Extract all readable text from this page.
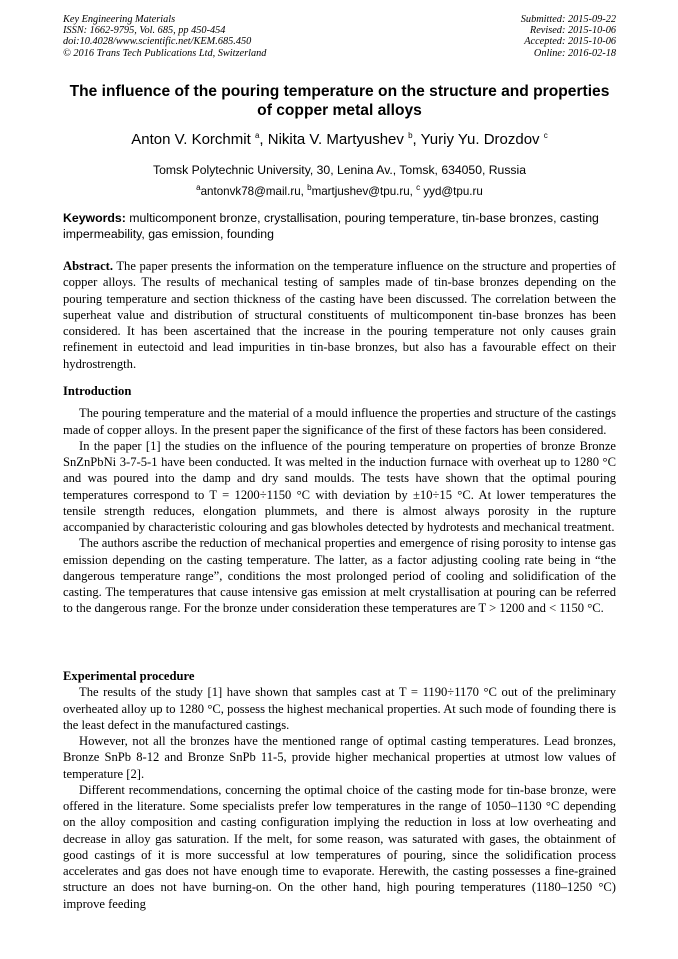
Key Engineering Materials
ISSN: 1662-9795, Vol. 685, pp 450-454
doi:10.4028/www.scientific.net/KEM.685.450
© 2016 Trans Tech Publications Ltd, Switzerland
Submitted: 2015-09-22
Revised: 2015-10-06
Accepted: 2015-10-06
Online: 2016-02-18
The influence of the pouring temperature on the structure and properties of copper metal alloys
Anton V. Korchmit $^a$, Nikita V. Martyushev $^b$, Yuriy Yu. Drozdov $^c$
Tomsk Polytechnic University, 30, Lenina Av., Tomsk, 634050, Russia
$^a$antonvk78@mail.ru, $^b$martjushev@tpu.ru, $^c$ yyd@tpu.ru
Keywords: multicomponent bronze, crystallisation, pouring temperature, tin-base bronzes, casting impermeability, gas emission, founding

Abstract. The paper presents the information on the temperature influence on the structure and properties of copper alloys. The results of mechanical testing of samples made of tin-base bronzes depending on the pouring temperature and section thickness of the casting have been discussed. The correlation between the superheat value and distribution of structural constituents of multicomponent tin-base bronzes has been considered. It has been ascertained that the increase in the pouring temperature not only causes grain refinement in eutectoid and lead impurities in tin-base bronzes, but also has a favourable effect on their hydrostrength.

Introduction

The pouring temperature and the material of a mould influence the properties and structure of the castings made of copper alloys. In the present paper the significance of the first of these factors has been considered.

In the paper [1] the studies on the influence of the pouring temperature on properties of bronze Bronze SnZnPbNi 3-7-5-1 have been conducted. It was melted in the induction furnace with overheat up to 1280 °C and was poured into the damp and dry sand moulds. The tests have shown that the optimal pouring temperatures correspond to T = 1200÷1150 °C with deviation by ±10÷15 °C. At lower temperatures the tensile strength reduces, elongation plummets, and there is almost always porosity in the rupture accompanied by characteristic colouring and gas blowholes detected by hydrotests and mechanical treatment.

The authors ascribe the reduction of mechanical properties and emergence of rising porosity to intense gas emission depending on the casting temperature. The latter, as a factor adjusting cooling rate being in “the dangerous temperature range”, conditions the most prolonged period of cooling and solidification of the casting. The temperatures that cause intensive gas emission at melt crystallisation at pouring can be referred to the dangerous range. For the bronze under consideration these temperatures are T > 1200 and < 1150 °C.

Experimental procedure

The results of the study [1] have shown that samples cast at T = 1190÷1170 °C out of the preliminary overheated alloy up to 1280 °C, possess the highest mechanical properties. At such mode of founding there is the least defect in the manufactured castings.

However, not all the bronzes have the mentioned range of optimal casting temperatures. Lead bronzes, Bronze SnPb 8-12 and Bronze SnPb 11-5, provide higher mechanical properties at utmost low values of temperature [2].

Different recommendations, concerning the optimal choice of the casting mode for tin-base bronze, were offered in the literature. Some specialists prefer low temperatures in the range of 1050–1130 °C depending on the alloy composition and casting configuration implying the reduction in loss at low overheating and decrease in alloy gas saturation. If the melt, for some reason, was saturated with gases, the obtainment of good castings of it is more successful at low temperatures of pouring, since the solidification process accelerates and gas does not have enough time to evaporate. Herewith, the casting possesses a fine-grained structure an does not have burning-on. On the other hand, high pouring temperatures (1180–1250 °C) improve feeding
